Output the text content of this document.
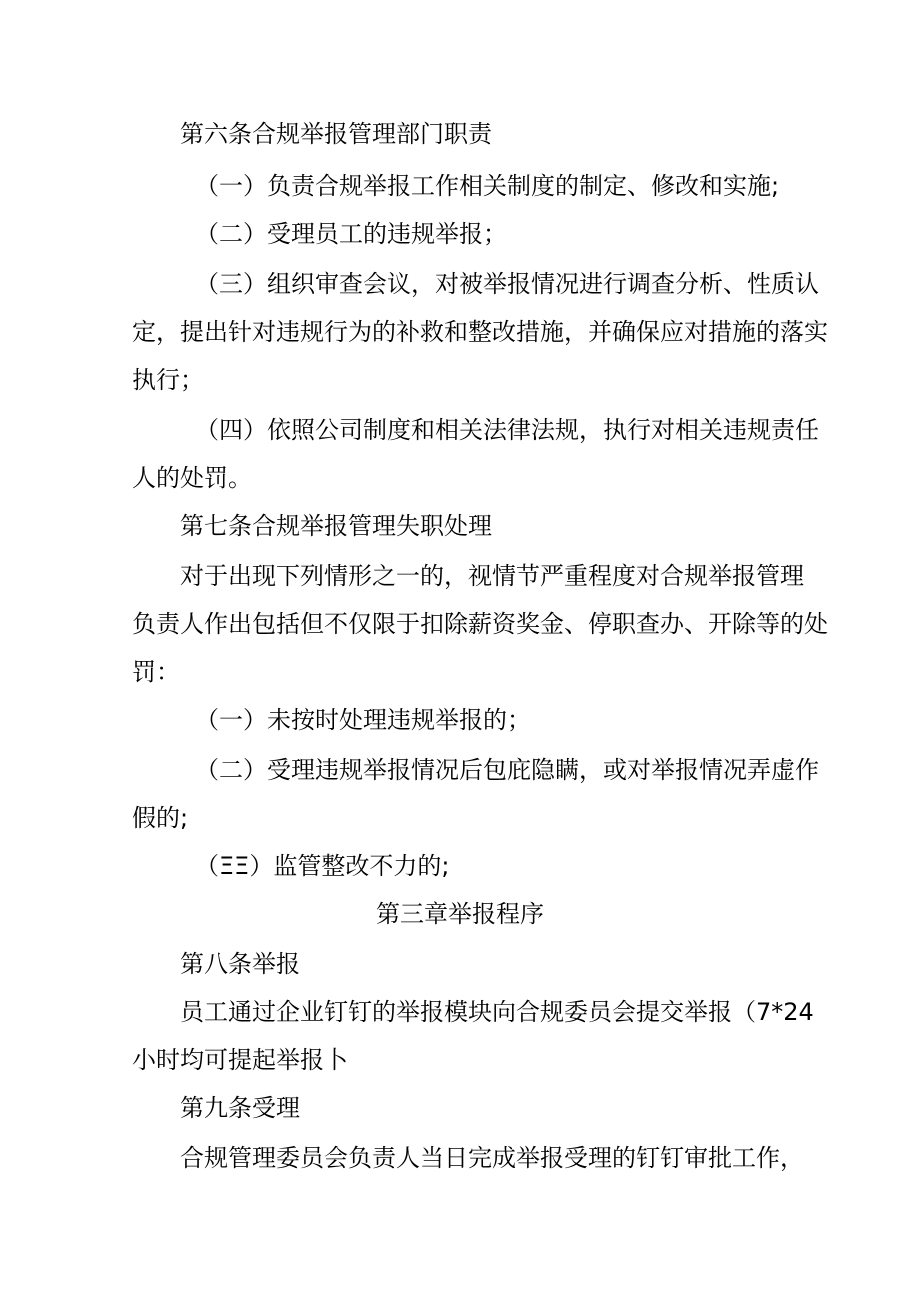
第六条合规举报管理部门职责
（一）负责合规举报工作相关制度的制定、修改和实施;
（二）受理员工的违规举报；
（三）组织审查会议，对被举报情况进行调查分析、性质认
定，提出针对违规行为的补救和整改措施，并确保应对措施的落实
执行；
（四）依照公司制度和相关法律法规，执行对相关违规责任
人的处罚。
第七条合规举报管理失职处理
对于出现下列情形之一的，视情节严重程度对合规举报管理
负责人作出包括但不仅限于扣除薪资奖金、停职查办、开除等的处
罚：
（一）未按时处理违规举报的；
（二）受理违规举报情况后包庇隐瞒，或对举报情况弄虚作
假的;
（ΞΞ）监管整改不力的;
第三章举报程序
第八条举报
员工通过企业钉钉的举报模块向合规委员会提交举报（7*24
小时均可提起举报卜
第九条受理
合规管理委员会负责人当日完成举报受理的钉钉审批工作，
